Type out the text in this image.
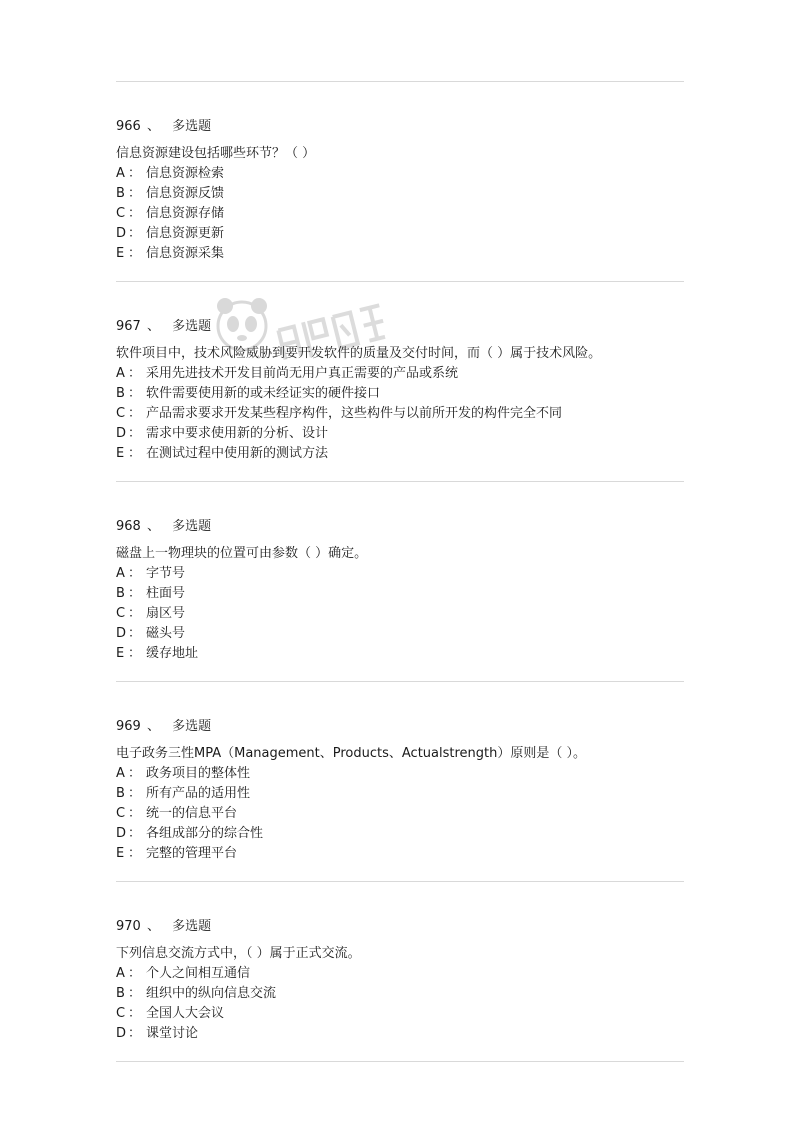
966 、 多选题
信息资源建设包括哪些环节？（ ）
A ： 信息资源检索
B ： 信息资源反馈
C ： 信息资源存储
D ： 信息资源更新
E ： 信息资源采集
967 、 多选题
软件项目中，技术风险威胁到要开发软件的质量及交付时间，而（ ）属于技术风险。
A ： 采用先进技术开发目前尚无用户真正需要的产品或系统
B ： 软件需要使用新的或未经证实的硬件接口
C ： 产品需求要求开发某些程序构件，这些构件与以前所开发的构件完全不同
D ： 需求中要求使用新的分析、设计
E ： 在测试过程中使用新的测试方法
968 、 多选题
磁盘上一物理块的位置可由参数（ ）确定。
A ： 字节号
B ： 柱面号
C ： 扇区号
D ： 磁头号
E ： 缓存地址
969 、 多选题
电子政务三性MPA（Management、Products、Actualstrength）原则是（ ）。
A ： 政务项目的整体性
B ： 所有产品的适用性
C ： 统一的信息平台
D ： 各组成部分的综合性
E ： 完整的管理平台
970 、 多选题
下列信息交流方式中，（ ）属于正式交流。
A ： 个人之间相互通信
B ： 组织中的纵向信息交流
C ： 全国人大会议
D ： 课堂讨论
